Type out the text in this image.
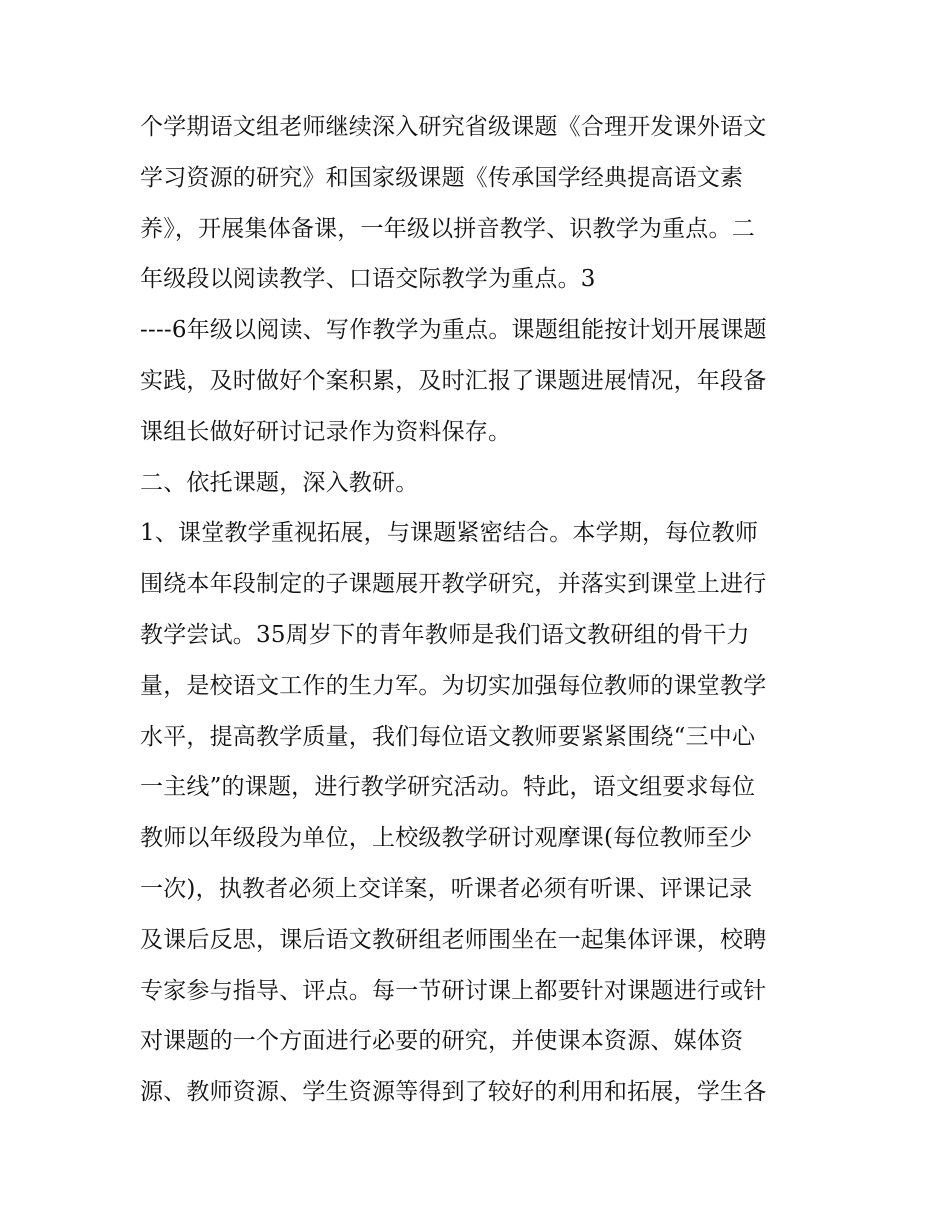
个学期语文组老师继续深入研究省级课题《合理开发课外语文
学习资源的研究》和国家级课题《传承国学经典提高语文素
养》，开展集体备课，一年级以拼音教学、识教学为重点。二
年级段以阅读教学、口语交际教学为重点。3
----6年级以阅读、写作教学为重点。课题组能按计划开展课题
实践，及时做好个案积累，及时汇报了课题进展情况，年段备
课组长做好研讨记录作为资料保存。
二、依托课题，深入教研。
1、课堂教学重视拓展，与课题紧密结合。本学期，每位教师
围绕本年段制定的子课题展开教学研究，并落实到课堂上进行
教学尝试。35周岁下的青年教师是我们语文教研组的骨干力
量，是校语文工作的生力军。为切实加强每位教师的课堂教学
水平，提高教学质量，我们每位语文教师要紧紧围绕“三中心
一主线”的课题，进行教学研究活动。特此，语文组要求每位
教师以年级段为单位，上校级教学研讨观摩课(每位教师至少
一次)，执教者必须上交详案，听课者必须有听课、评课记录
及课后反思，课后语文教研组老师围坐在一起集体评课，校聘
专家参与指导、评点。每一节研讨课上都要针对课题进行或针
对课题的一个方面进行必要的研究，并使课本资源、媒体资
源、教师资源、学生资源等得到了较好的利用和拓展，学生各
